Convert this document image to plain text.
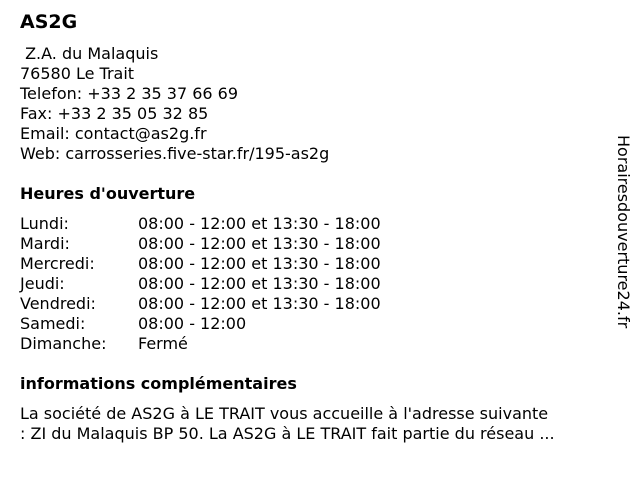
AS2G
Z.A. du Malaquis
76580 Le Trait
Telefon: +33 2 35 37 66 69
Fax: +33 2 35 05 32 85
Email: contact@as2g.fr
Web: carrosseries.five-star.fr/195-as2g
Heures d'ouverture
Lundi:	08:00 - 12:00 et 13:30 - 18:00
Mardi:	08:00 - 12:00 et 13:30 - 18:00
Mercredi:	08:00 - 12:00 et 13:30 - 18:00
Jeudi:	08:00 - 12:00 et 13:30 - 18:00
Vendredi:	08:00 - 12:00 et 13:30 - 18:00
Samedi:	08:00 - 12:00
Dimanche:	Fermé
informations complémentaires

La société de AS2G à LE TRAIT vous accueille à l'adresse suivante
: ZI du Malaquis BP 50. La AS2G à LE TRAIT fait partie du réseau ...

Horairesdouverture24.fr
